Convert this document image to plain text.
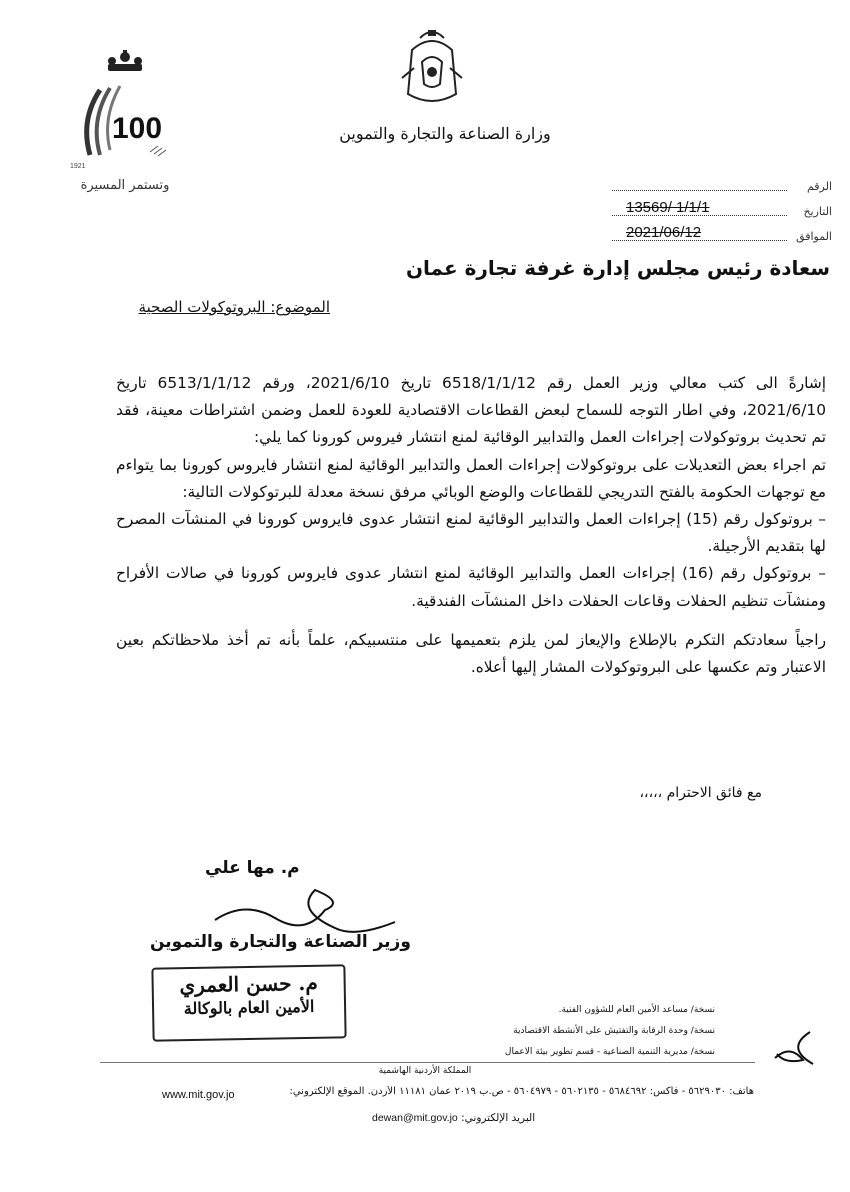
100
1921
وتستمر المسيرة
وزارة الصناعة والتجارة والتموين
الرقم
التاريخ
13569/ 1/1/1
الموافق
2021/06/12
سعادة رئيس مجلس إدارة غرفة تجارة عمان
الموضوع: البروتوكولات الصحية

إشارةً الى كتب معالي وزير العمل رقم 6518/1/1/12 تاريخ 2021/6/10، ورقم 6513/1/1/12 تاريخ 2021/6/10، وفي اطار التوجه للسماح لبعض القطاعات الاقتصادية للعودة للعمل وضمن اشتراطات معينة، فقد تم تحديث بروتوكولات إجراءات العمل والتدابير الوقائية لمنع انتشار فيروس كورونا كما يلي:

تم اجراء بعض التعديلات على بروتوكولات إجراءات العمل والتدابير الوقائية لمنع انتشار فايروس كورونا بما يتواءم مع توجهات الحكومة بالفتح التدريجي للقطاعات والوضع الوبائي مرفق نسخة معدلة للبرتوكولات التالية:

– بروتوكول رقم (15) إجراءات العمل والتدابير الوقائية لمنع انتشار عدوى فايروس كورونا في المنشآت المصرح لها بتقديم الأرجيلة.

– بروتوكول رقم (16) إجراءات العمل والتدابير الوقائية لمنع انتشار عدوى فايروس كورونا في صالات الأفراح ومنشآت تنظيم الحفلات وقاعات الحفلات داخل المنشآت الفندقية.

راجياً سعادتكم التكرم بالإطلاع والإيعاز لمن يلزم بتعميمها على منتسبيكم، علماً بأنه تم أخذ ملاحظاتكم بعين الاعتبار وتم عكسها على البروتوكولات المشار إليها أعلاه.

مع فائق الاحترام ،،،،،
م. مها علي
وزير الصناعة والتجارة والتموين
م. حسن العمري
الأمين العام بالوكالة	نسخة/ مساعد الأمين العام للشؤون الفنية.
نسخة/ وحدة الرقابة والتفتيش على الأنشطة الاقتصادية
نسخة/ مديرية التنمية الصناعية - قسم تطوير بيئة الاعمال
المملكة الأردنية الهاشمية
هاتف: ٥٦٢٩٠٣٠ - فاكس: ٥٦٨٤٦٩٢ - ٥٦٠٢١٣٥ - ٥٦٠٤٩٧٩ - ص.ب ٢٠١٩ عمان ١١١٨١ الأردن. الموقع الإلكتروني:
www.mit.gov.jo
البريد الإلكتروني: dewan@mit.gov.jo
